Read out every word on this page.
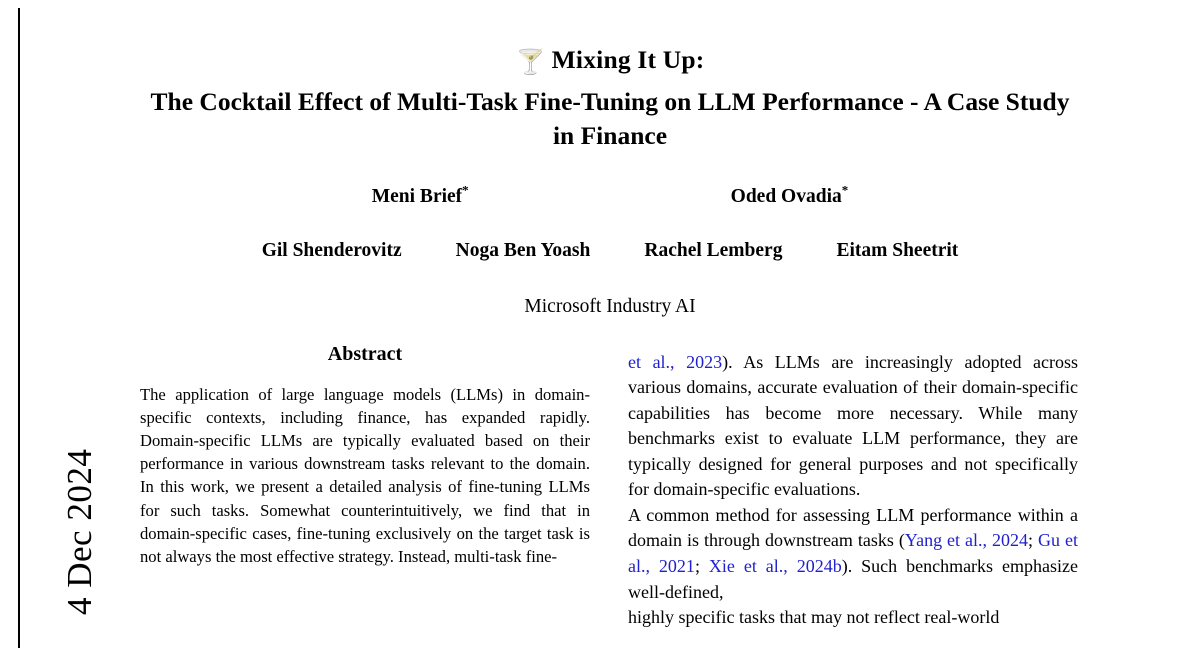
4 Dec 2024
🍸 Mixing It Up:
The Cocktail Effect of Multi-Task Fine-Tuning on LLM Performance - A Case Study in Finance
Meni Brief*	Oded Ovadia*
Gil Shenderovitz	Noga Ben Yoash	Rachel Lemberg	Eitam Sheetrit
Microsoft Industry AI
Abstract
The application of large language models (LLMs) in domain-specific contexts, including finance, has expanded rapidly. Domain-specific LLMs are typically evaluated based on their performance in various downstream tasks relevant to the domain. In this work, we present a detailed analysis of fine-tuning LLMs for such tasks. Somewhat counterintuitively, we find that in domain-specific cases, fine-tuning exclusively on the target task is not always the most effective strategy. Instead, multi-task fine-
et al., 2023). As LLMs are increasingly adopted across various domains, accurate evaluation of their domain-specific capabilities has become more necessary. While many benchmarks exist to evaluate LLM performance, they are typically designed for general purposes and not specifically for domain-specific evaluations.
A common method for assessing LLM performance within a domain is through downstream tasks (Yang et al., 2024; Gu et al., 2021; Xie et al., 2024b). Such benchmarks emphasize well-defined,
highly specific tasks that may not reflect real-world
